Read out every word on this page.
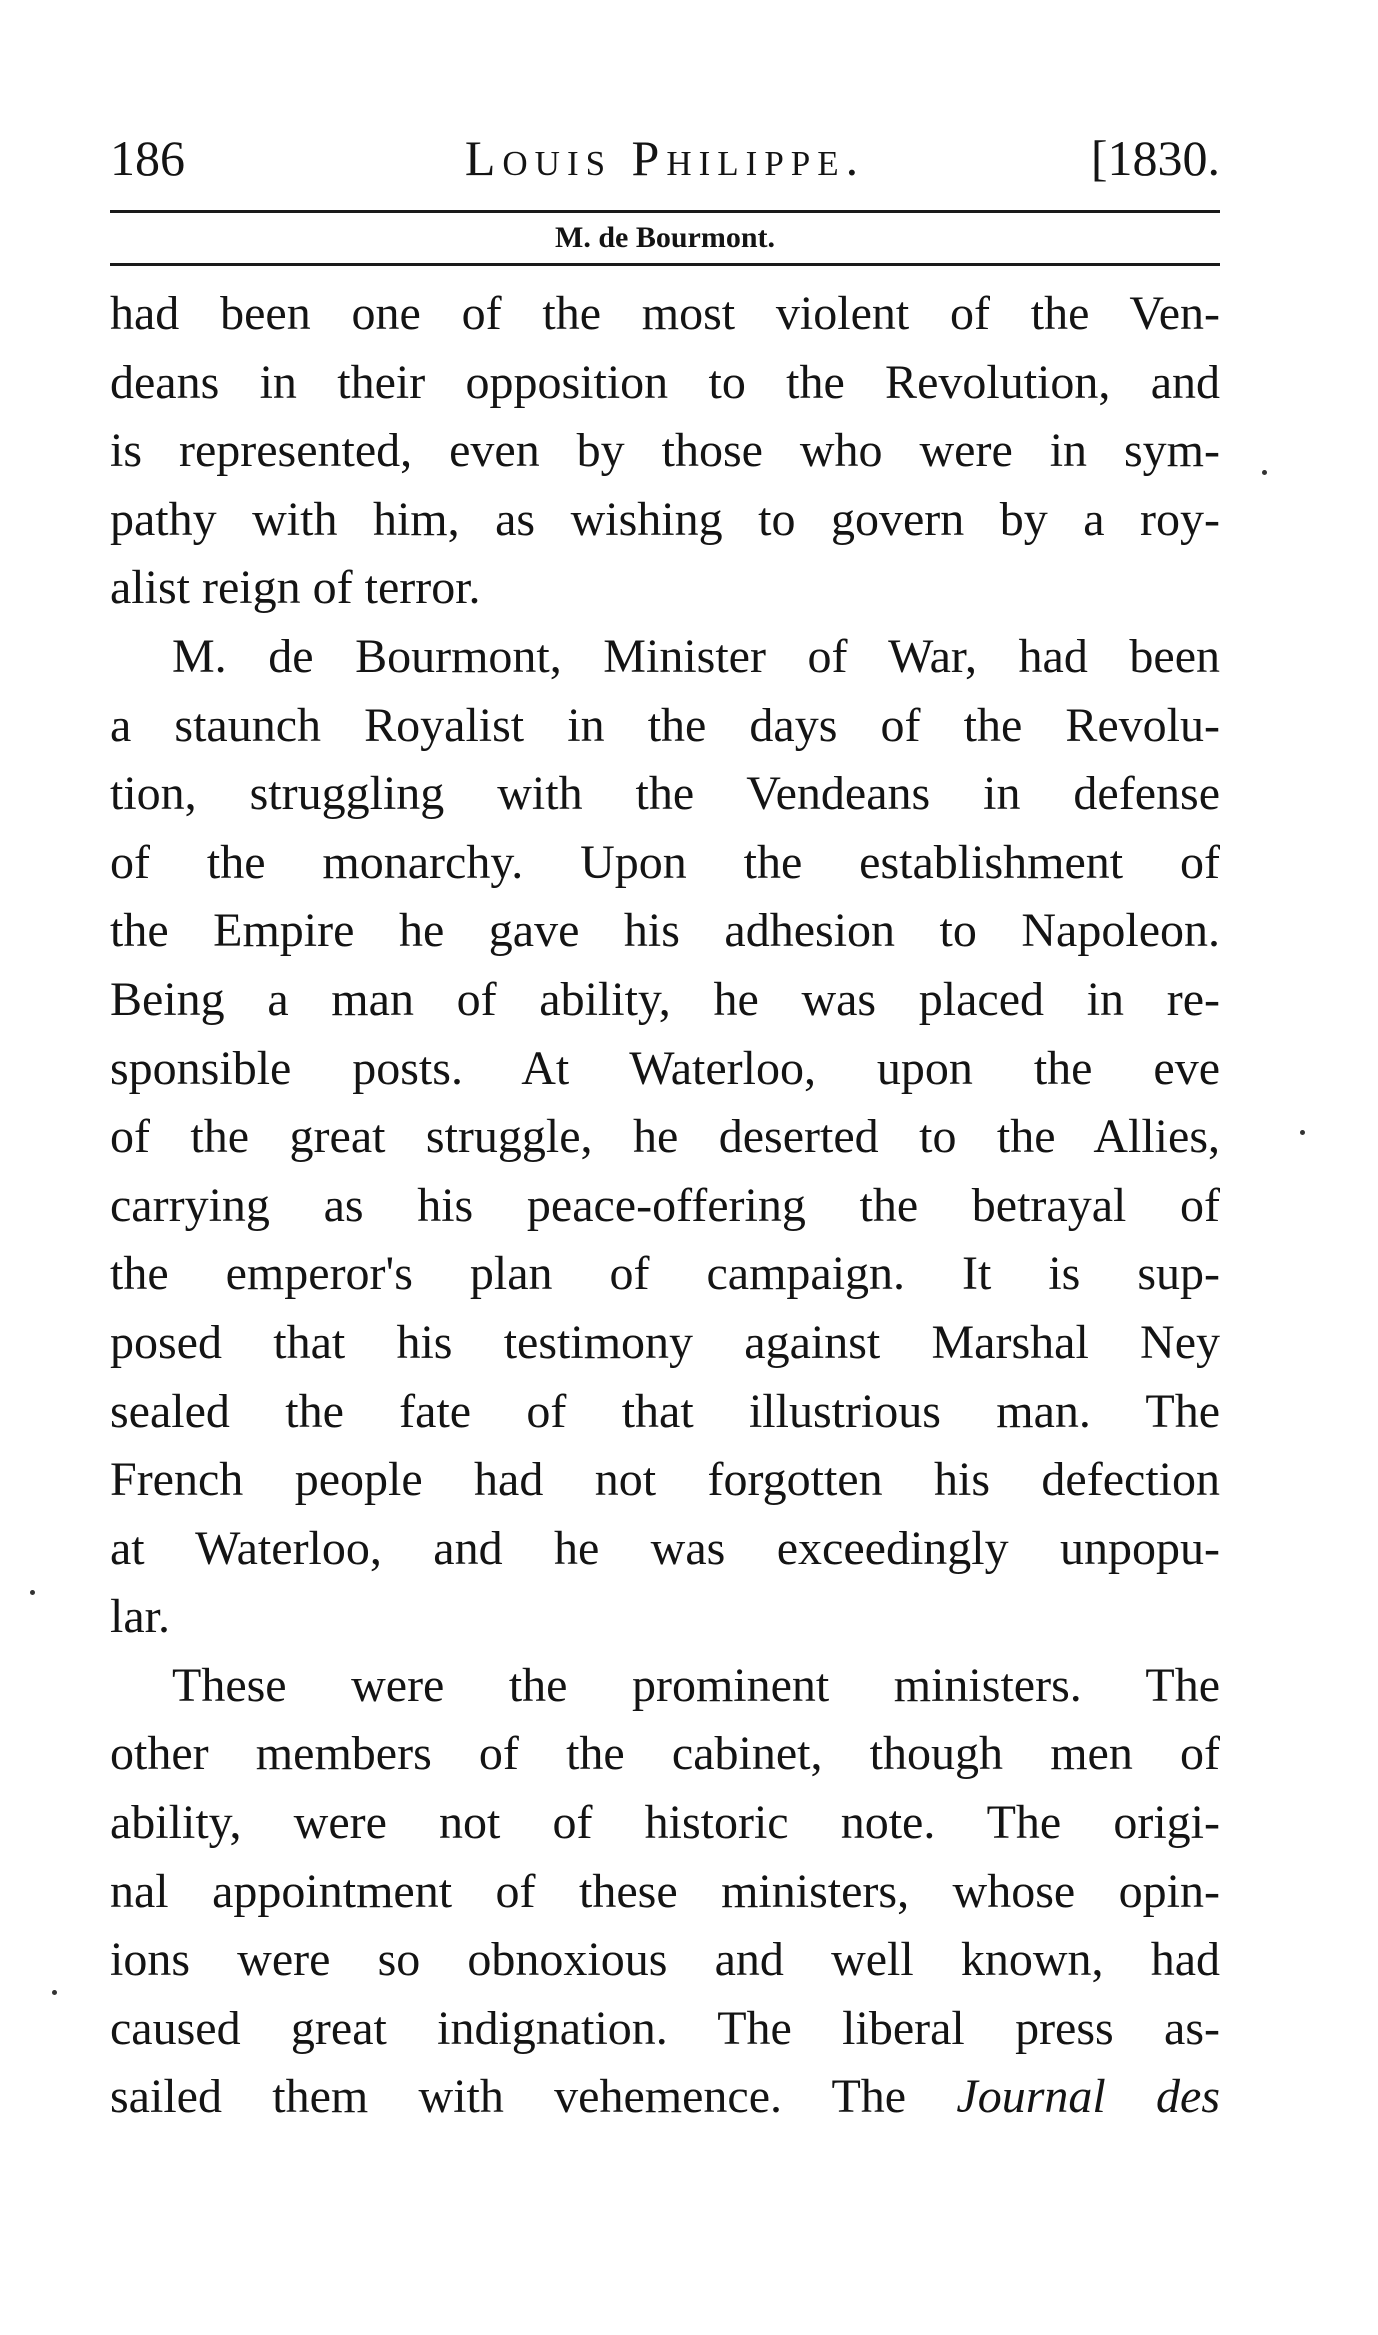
186	Louis Philippe.	[1830.
M. de Bourmont.
had been one of the most violent of the Ven-
deans in their opposition to the Revolution, and
is represented, even by those who were in sym-
pathy with him, as wishing to govern by a roy-
alist reign of terror.
M. de Bourmont, Minister of War, had been
a staunch Royalist in the days of the Revolu-
tion, struggling with the Vendeans in defense
of the monarchy. Upon the establishment of
the Empire he gave his adhesion to Napoleon.
Being a man of ability, he was placed in re-
sponsible posts. At Waterloo, upon the eve
of the great struggle, he deserted to the Allies,
carrying as his peace-offering the betrayal of
the emperor's plan of campaign. It is sup-
posed that his testimony against Marshal Ney
sealed the fate of that illustrious man. The
French people had not forgotten his defection
at Waterloo, and he was exceedingly unpopu-
lar.
These were the prominent ministers. The
other members of the cabinet, though men of
ability, were not of historic note. The origi-
nal appointment of these ministers, whose opin-
ions were so obnoxious and well known, had
caused great indignation. The liberal press as-
sailed them with vehemence. The Journal des
